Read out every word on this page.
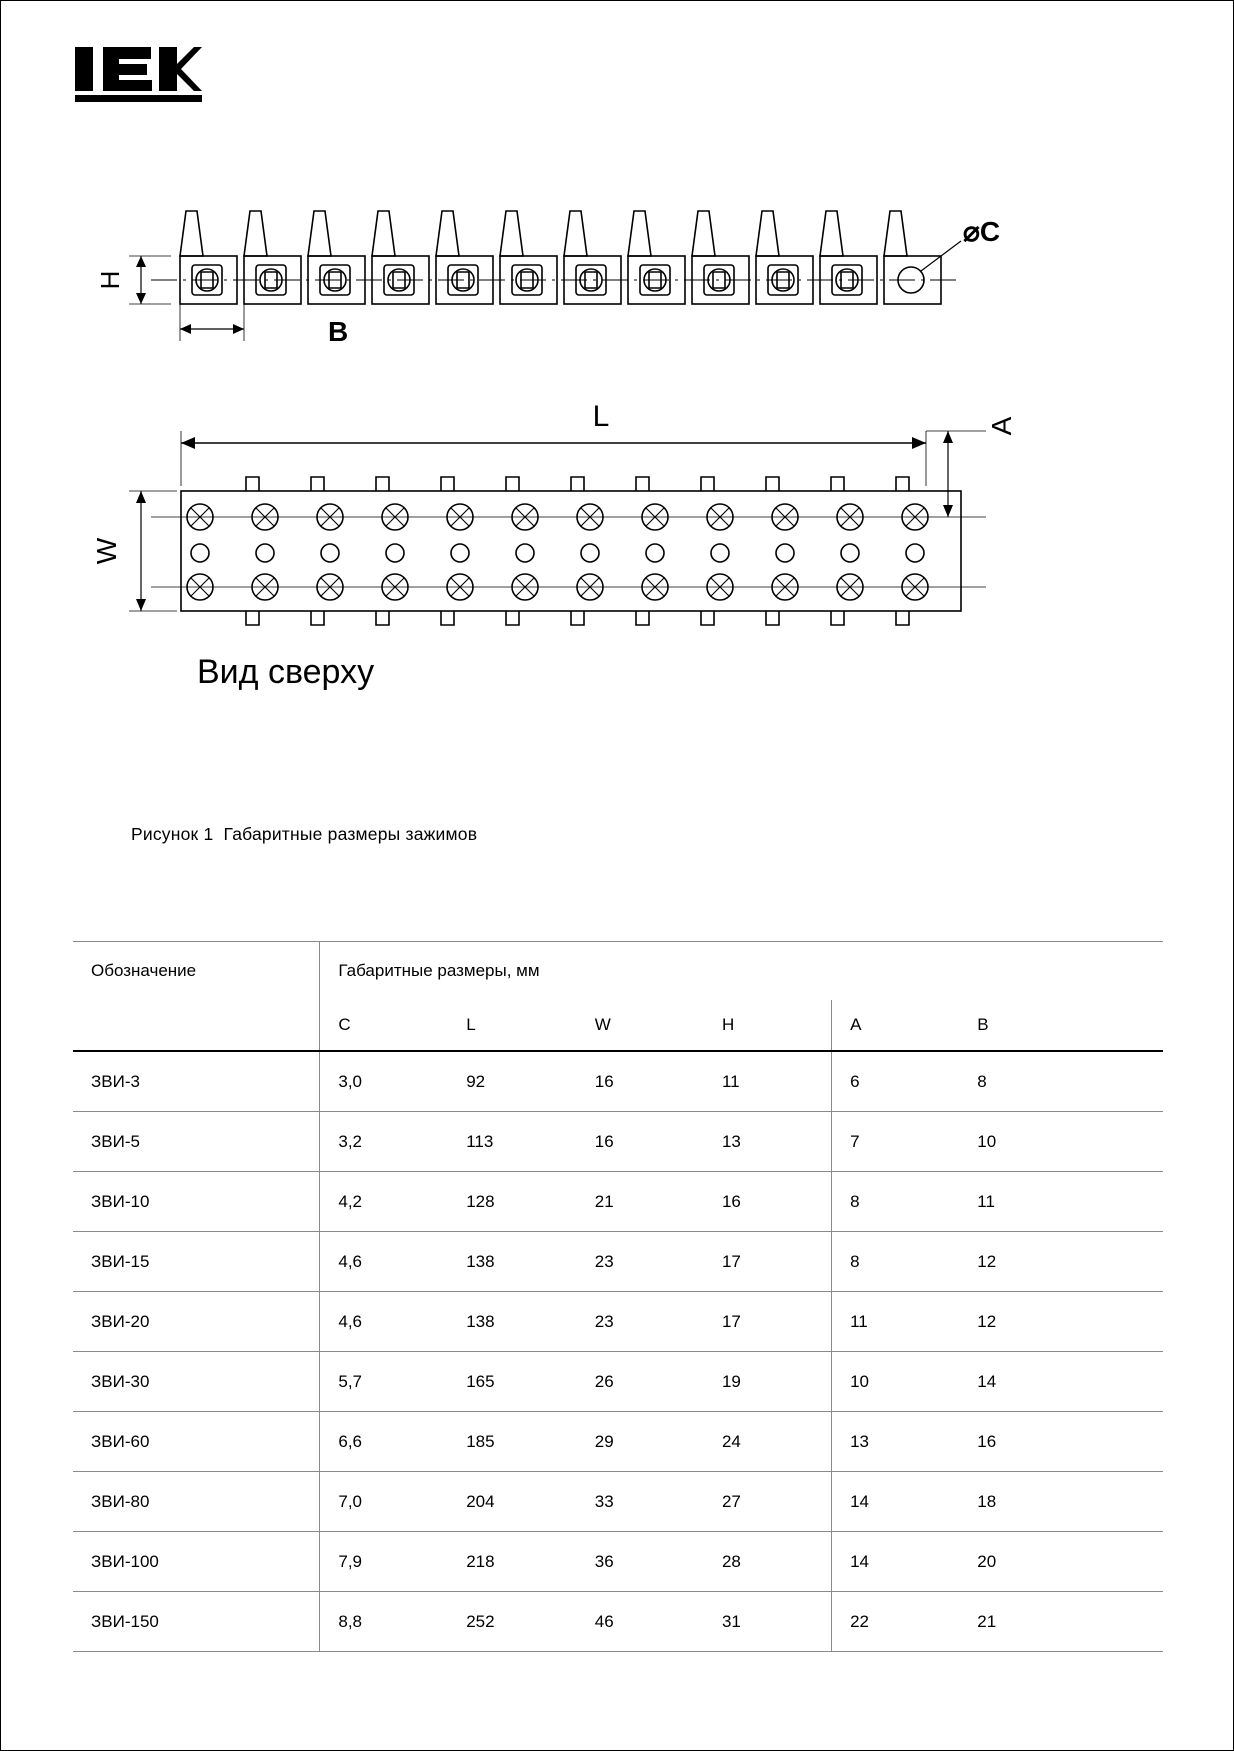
H
B
⌀C
L	A
W
Вид сверху
Рисунок 1  Габаритные размеры зажимов
Обозначение	Габаритные размеры, мм					
	C	L	W	H	A	B
ЗВИ-3	3,0	92	16	11	6	8
ЗВИ-5	3,2	113	16	13	7	10
ЗВИ-10	4,2	128	21	16	8	11
ЗВИ-15	4,6	138	23	17	8	12
ЗВИ-20	4,6	138	23	17	11	12
ЗВИ-30	5,7	165	26	19	10	14
ЗВИ-60	6,6	185	29	24	13	16
ЗВИ-80	7,0	204	33	27	14	18
ЗВИ-100	7,9	218	36	28	14	20
ЗВИ-150	8,8	252	46	31	22	21
